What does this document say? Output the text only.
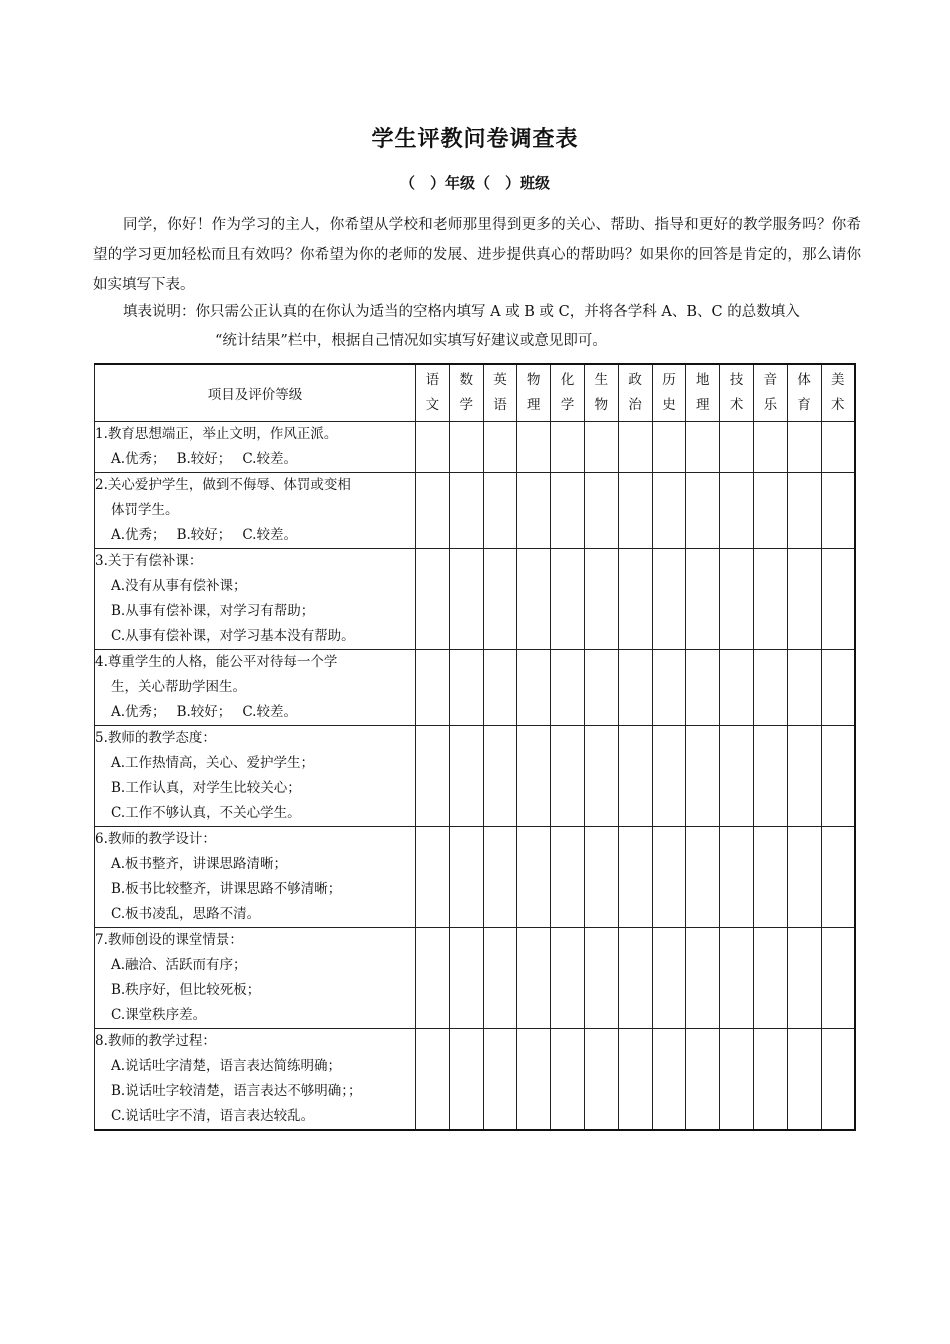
学生评教问卷调查表
（　）年级（　）班级
同学，你好！作为学习的主人，你希望从学校和老师那里得到更多的关心、帮助、指导和更好的教学服务吗？你希望的学习更加轻松而且有效吗？你希望为你的老师的发展、进步提供真心的帮助吗？如果你的回答是肯定的，那么请你如实填写下表。
填表说明：你只需公正认真的在你认为适当的空格内填写 A 或 B 或 C，并将各学科 A、B、C 的总数填入
“统计结果”栏中，根据自己情况如实填写好建议或意见即可。
项目及评价等级	语文	数学	英语	物理	化学	生物	政治	历史	地理	技术	音乐	体育	美术

1.教育思想端正，举止文明，作风正派。
A.优秀；　 B.较好；　 C.较差。													

2.关心爱护学生，做到不侮辱、体罚或变相
体罚学生。
A.优秀；　 B.较好；　 C.较差。													

3.关于有偿补课：
A.没有从事有偿补课；
B.从事有偿补课，对学习有帮助；
C.从事有偿补课，对学习基本没有帮助。													

4.尊重学生的人格，能公平对待每一个学
生，关心帮助学困生。
A.优秀；　 B.较好；　 C.较差。													

5.教师的教学态度：
A.工作热情高，关心、爱护学生；
B.工作认真，对学生比较关心；
C.工作不够认真，不关心学生。													

6.教师的教学设计：
A.板书整齐，讲课思路清晰；
B.板书比较整齐，讲课思路不够清晰；
C.板书凌乱，思路不清。													

7.教师创设的课堂情景：
A.融洽、活跃而有序；
B.秩序好，但比较死板；
C.课堂秩序差。													

8.教师的教学过程：
A.说话吐字清楚，语言表达简练明确；
B.说话吐字较清楚，语言表达不够明确；；
C.说话吐字不清，语言表达较乱。													
